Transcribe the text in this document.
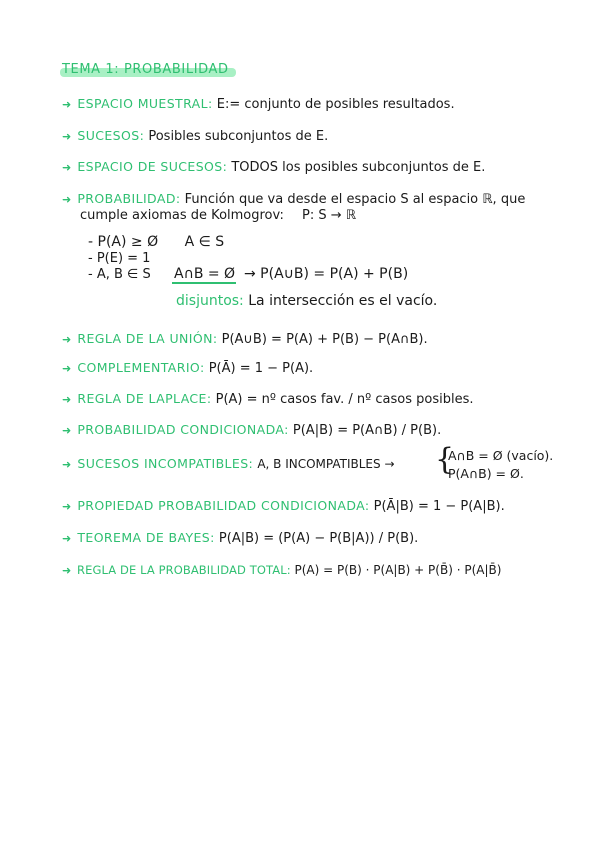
TEMA 1: PROBABILIDAD
➜ ESPACIO MUESTRAL: E:= conjunto de posibles resultados.
➜ SUCESOS: Posibles subconjuntos de E.
➜ ESPACIO DE SUCESOS: TODOS los posibles subconjuntos de E.
➜ PROBABILIDAD: Función que va desde el espacio S al espacio ℝ, que
cumple axiomas de Kolmogrov: P: S → ℝ
- P(A) ≥ Ø A ∈ S
- P(E) = 1
- A, B ∈ S A∩B = Ø → P(A∪B) = P(A) + P(B)
disjuntos: La intersección es el vacío.
➜ REGLA DE LA UNIÓN: P(A∪B) = P(A) + P(B) − P(A∩B).
➜ COMPLEMENTARIO: P(Ā) = 1 − P(A).
➜ REGLA DE LAPLACE: P(A) = nº casos fav. / nº casos posibles.
➜ PROBABILIDAD CONDICIONADA: P(A|B) = P(A∩B) / P(B).
➜ SUCESOS INCOMPATIBLES: A, B INCOMPATIBLES → {
A∩B = Ø (vacío).
P(A∩B) = Ø.
➜ PROPIEDAD PROBABILIDAD CONDICIONADA: P(Ā|B) = 1 − P(A|B).
➜ TEOREMA DE BAYES: P(A|B) = (P(A) − P(B|A)) / P(B).
➜ REGLA DE LA PROBABILIDAD TOTAL: P(A) = P(B) · P(A|B) + P(B̄) · P(A|B̄)
